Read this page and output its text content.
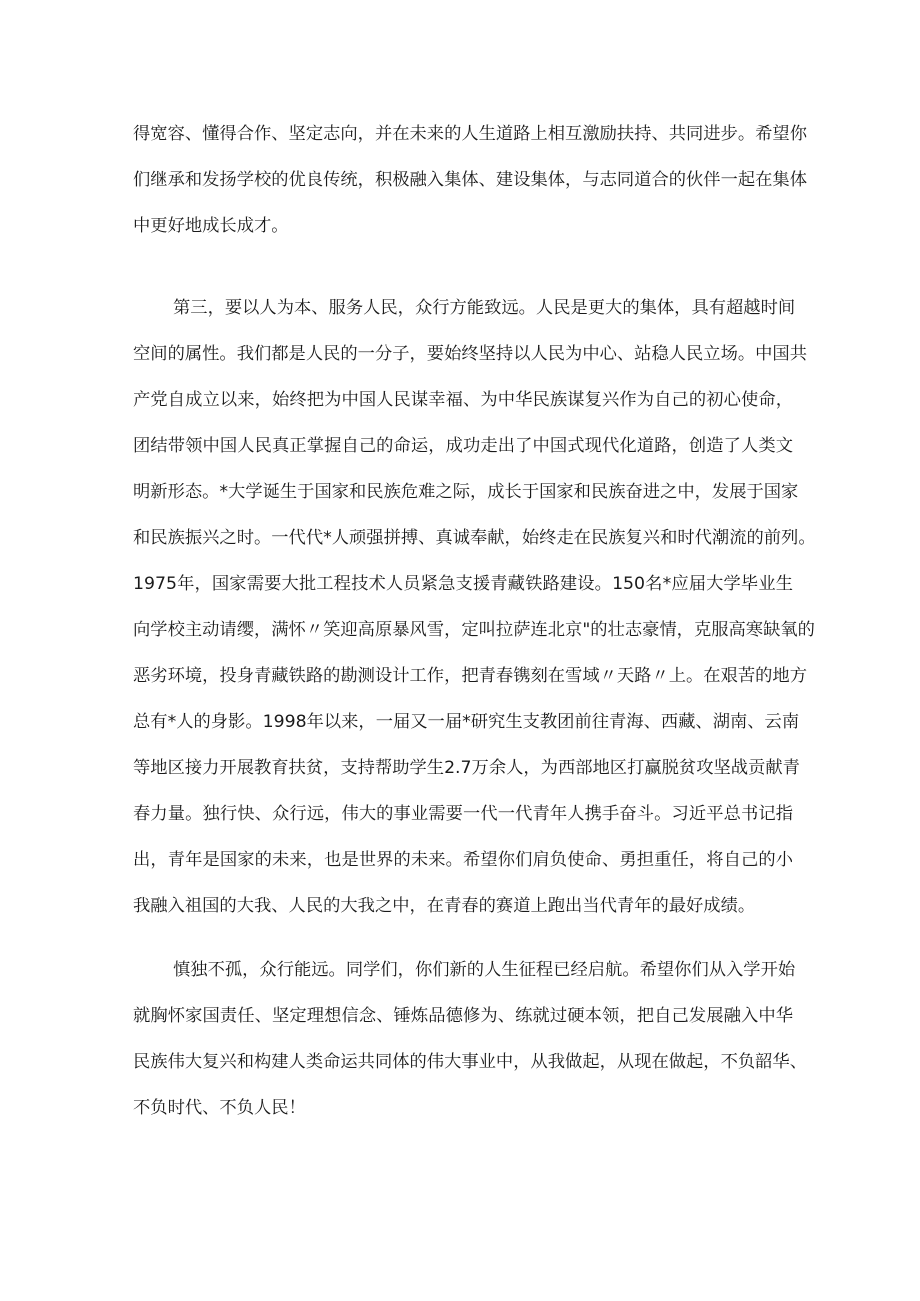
得宽容、懂得合作、坚定志向，并在未来的人生道路上相互激励扶持、共同进步。希望你
们继承和发扬学校的优良传统，积极融入集体、建设集体，与志同道合的伙伴一起在集体
中更好地成长成才。
第三，要以人为本、服务人民，众行方能致远。人民是更大的集体，具有超越时间
空间的属性。我们都是人民的一分子，要始终坚持以人民为中心、站稳人民立场。中国共
产党自成立以来，始终把为中国人民谋幸福、为中华民族谋复兴作为自己的初心使命，
团结带领中国人民真正掌握自己的命运，成功走出了中国式现代化道路，创造了人类文
明新形态。*大学诞生于国家和民族危难之际，成长于国家和民族奋进之中，发展于国家
和民族振兴之时。一代代*人顽强拼搏、真诚奉献，始终走在民族复兴和时代潮流的前列。
1975年，国家需要大批工程技术人员紧急支援青藏铁路建设。150名*应届大学毕业生
向学校主动请缨，满怀〃笑迎高原暴风雪，定叫拉萨连北京"的壮志豪情，克服高寒缺氧的
恶劣环境，投身青藏铁路的勘测设计工作，把青春镌刻在雪域〃天路〃上。在艰苦的地方
总有*人的身影。1998年以来，一届又一届*研究生支教团前往青海、西藏、湖南、云南
等地区接力开展教育扶贫，支持帮助学生2.7万余人，为西部地区打赢脱贫攻坚战贡献青
春力量。独行快、众行远，伟大的事业需要一代一代青年人携手奋斗。习近平总书记指
出，青年是国家的未来，也是世界的未来。希望你们肩负使命、勇担重任，将自己的小
我融入祖国的大我、人民的大我之中，在青春的赛道上跑出当代青年的最好成绩。
慎独不孤，众行能远。同学们，你们新的人生征程已经启航。希望你们从入学开始
就胸怀家国责任、坚定理想信念、锤炼品德修为、练就过硬本领，把自己发展融入中华
民族伟大复兴和构建人类命运共同体的伟大事业中，从我做起，从现在做起，不负韶华、
不负时代、不负人民！
